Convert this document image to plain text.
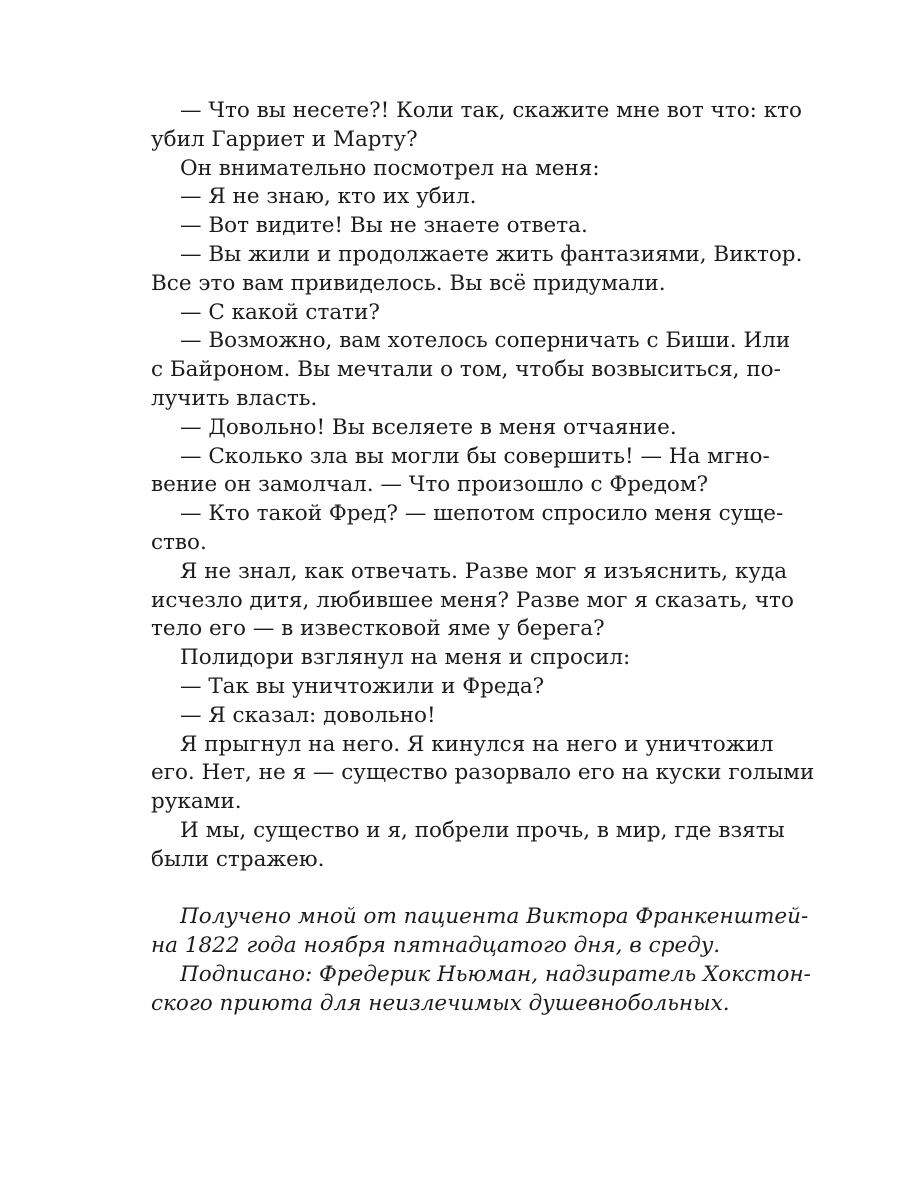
— Что вы несете?! Коли так, скажите мне вот что: кто
убил Гарриет и Марту?
Он внимательно посмотрел на меня:
— Я не знаю, кто их убил.
— Вот видите! Вы не знаете ответа.
— Вы жили и продолжаете жить фантазиями, Виктор.
Все это вам привиделось. Вы всё придумали.
— С какой стати?
— Возможно, вам хотелось соперничать с Биши. Или
с Байроном. Вы мечтали о том, чтобы возвыситься, по-
лучить власть.
— Довольно! Вы вселяете в меня отчаяние.
— Сколько зла вы могли бы совершить! — На мгно-
вение он замолчал. — Что произошло с Фредом?
— Кто такой Фред? — шепотом спросило меня суще-
ство.
Я не знал, как отвечать. Разве мог я изъяснить, куда
исчезло дитя, любившее меня? Разве мог я сказать, что
тело его — в известковой яме у берега?
Полидори взглянул на меня и спросил:
— Так вы уничтожили и Фреда?
— Я сказал: довольно!
Я прыгнул на него. Я кинулся на него и уничтожил
его. Нет, не я — существо разорвало его на куски голыми
руками.
И мы, существо и я, побрели прочь, в мир, где взяты
были стражею.
Получено мной от пациента Виктора Франкенштей-
на 1822 года ноября пятнадцатого дня, в среду.
Подписано: Фредерик Ньюман, надзиратель Хокстон-
ского приюта для неизлечимых душевнобольных.
